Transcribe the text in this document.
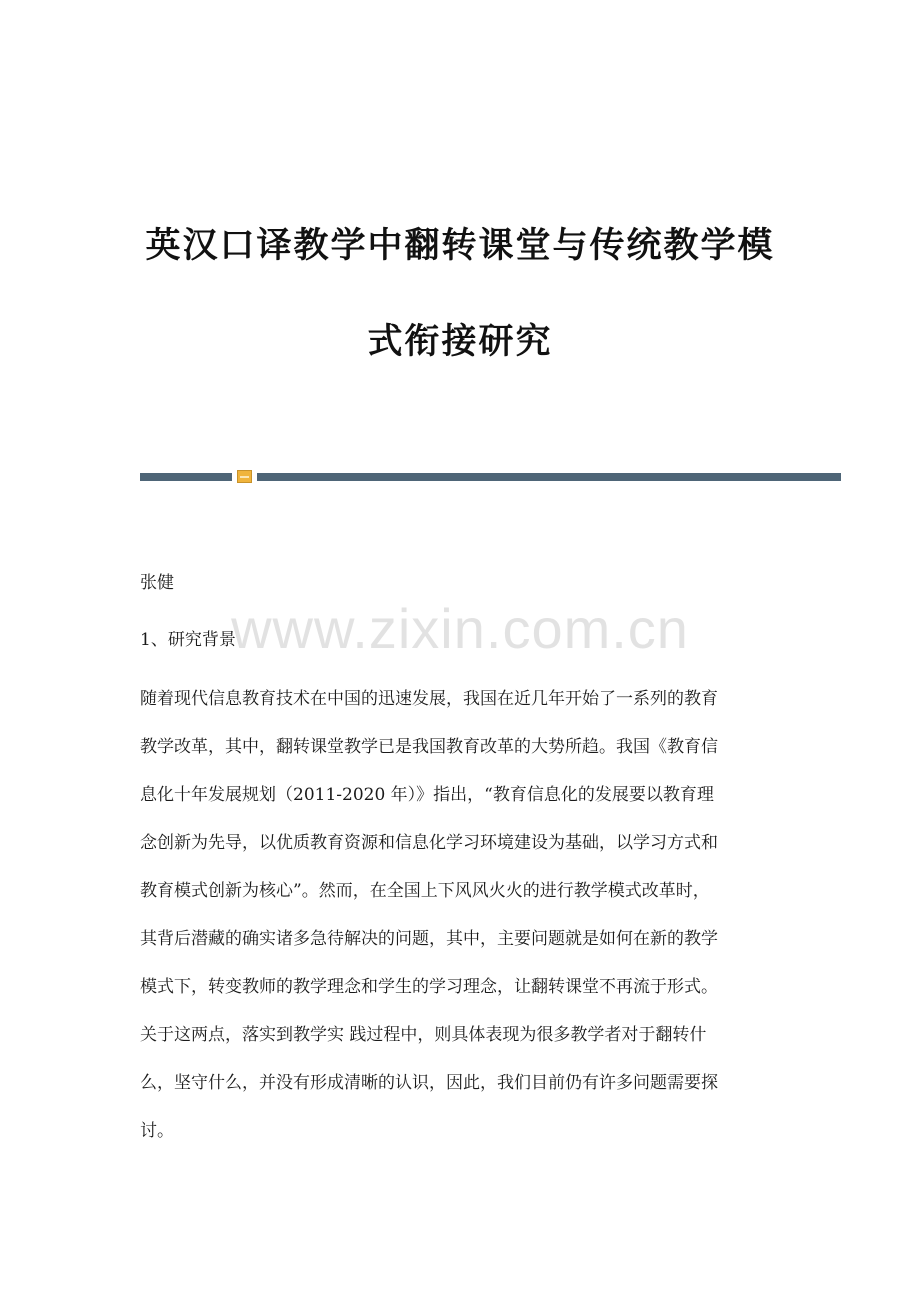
英汉口译教学中翻转课堂与传统教学模
式衔接研究
www.zixin.com.cn

张健

1、研究背景

随着现代信息教育技术在中国的迅速发展，我国在近几年开始了一系列的教育
教学改革，其中，翻转课堂教学已是我国教育改革的大势所趋。我国《教育信
息化十年发展规划（2011-2020 年）》指出，“教育信息化的发展要以教育理
念创新为先导，以优质教育资源和信息化学习环境建设为基础，以学习方式和
教育模式创新为核心”。然而，在全国上下风风火火的进行教学模式改革时，
其背后潜藏的确实诸多急待解决的问题，其中，主要问题就是如何在新的教学
模式下，转变教师的教学理念和学生的学习理念，让翻转课堂不再流于形式。
关于这两点，落实到教学实 践过程中，则具体表现为很多教学者对于翻转什
么，坚守什么，并没有形成清晰的认识，因此，我们目前仍有许多问题需要探
讨。
